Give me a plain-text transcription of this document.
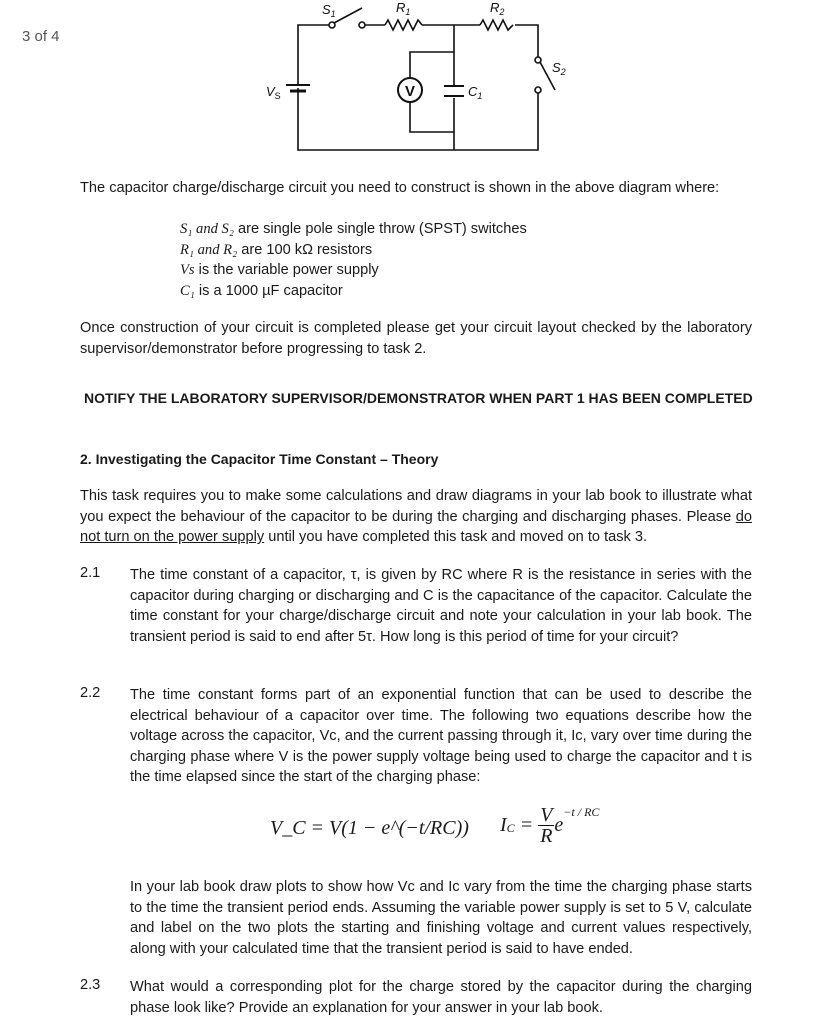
3 of 4
V
$S_1$	$R_1$	$R_2$
$S_2$
$V_S$	$C_1$
The capacitor charge/discharge circuit you need to construct is shown in the above diagram where:
S₁ and S₂ are single pole single throw (SPST) switches
R₁ and R₂ are 100 kΩ resistors
Vs is the variable power supply
C₁ is a 1000 µF capacitor
Once construction of your circuit is completed please get your circuit layout checked by the laboratory supervisor/demonstrator before progressing to task 2.
NOTIFY THE LABORATORY SUPERVISOR/DEMONSTRATOR WHEN PART 1 HAS BEEN COMPLETED
2. Investigating the Capacitor Time Constant – Theory
This task requires you to make some calculations and draw diagrams in your lab book to illustrate what you expect the behaviour of the capacitor to be during the charging and discharging phases. Please do not turn on the power supply until you have completed this task and moved on to task 3.
2.1 The time constant of a capacitor, τ, is given by RC where R is the resistance in series with the capacitor during charging or discharging and C is the capacitance of the capacitor. Calculate the time constant for your charge/discharge circuit and note your calculation in your lab book. The transient period is said to end after 5τ. How long is this period of time for your circuit?
2.2 The time constant forms part of an exponential function that can be used to describe the electrical behaviour of a capacitor over time. The following two equations describe how the voltage across the capacitor, Vc, and the current passing through it, Ic, vary over time during the charging phase where V is the power supply voltage being used to charge the capacitor and t is the time elapsed since the start of the charging phase:
V_C = V(1 − e^(−t/RC)) I C = V
R e
$^{-t / RC}$
In your lab book draw plots to show how Vc and Ic vary from the time the charging phase starts to the time the transient period ends. Assuming the variable power supply is set to 5 V, calculate and label on the two plots the starting and finishing voltage and current values respectively, along with your calculated time that the transient period is said to have ended.
2.3 What would a corresponding plot for the charge stored by the capacitor during the charging phase look like? Provide an explanation for your answer in your lab book.
